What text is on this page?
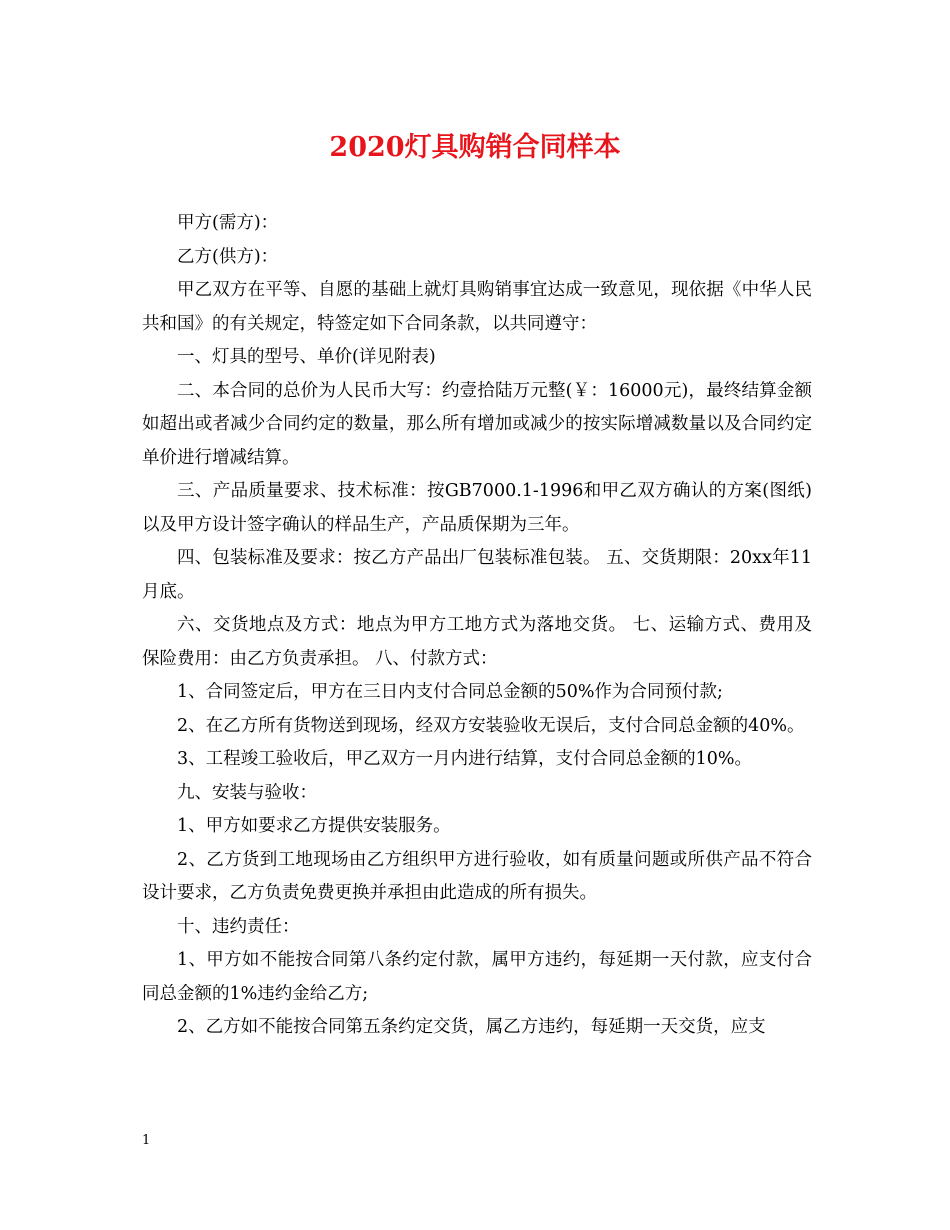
2020灯具购销合同样本

甲方(需方)：

乙方(供方)：

甲乙双方在平等、自愿的基础上就灯具购销事宜达成一致意见，现依据《中华人民共和国》的有关规定，特签定如下合同条款，以共同遵守：

一、灯具的型号、单价(详见附表)

二、本合同的总价为人民币大写：约壹拾陆万元整(￥：16000元)，最终结算金额如超出或者减少合同约定的数量，那么所有增加或减少的按实际增减数量以及合同约定单价进行增减结算。

三、产品质量要求、技术标准：按GB7000.1-1996和甲乙双方确认的方案(图纸)以及甲方设计签字确认的样品生产，产品质保期为三年。

四、包装标准及要求：按乙方产品出厂包装标准包装。 五、交货期限：20xx年11月底。

六、交货地点及方式：地点为甲方工地方式为落地交货。 七、运输方式、费用及保险费用：由乙方负责承担。 八、付款方式：

1、合同签定后，甲方在三日内支付合同总金额的50%作为合同预付款;

2、在乙方所有货物送到现场，经双方安装验收无误后，支付合同总金额的40%。

3、工程竣工验收后，甲乙双方一月内进行结算，支付合同总金额的10%。

九、安装与验收：

1、甲方如要求乙方提供安装服务。

2、乙方货到工地现场由乙方组织甲方进行验收，如有质量问题或所供产品不符合设计要求，乙方负责免费更换并承担由此造成的所有损失。

十、违约责任：

1、甲方如不能按合同第八条约定付款，属甲方违约，每延期一天付款，应支付合同总金额的1%违约金给乙方;

2、乙方如不能按合同第五条约定交货，属乙方违约，每延期一天交货，应支

1
